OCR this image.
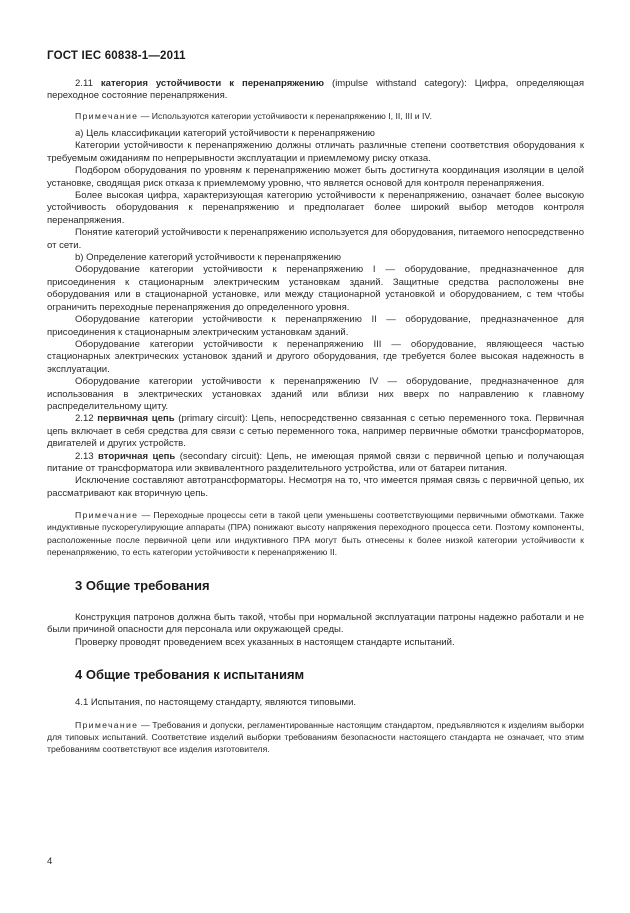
ГОСТ IEC 60838-1—2011

2.11 категория устойчивости к перенапряжению (impulse withstand category): Цифра, определяющая переходное состояние перенапряжения.

Примечание — Используются категории устойчивости к перенапряжению I, II, III и IV.

а) Цель классификации категорий устойчивости к перенапряжению

Категории устойчивости к перенапряжению должны отличать различные степени соответствия оборудования к требуемым ожиданиям по непрерывности эксплуатации и приемлемому риску отказа.

Подбором оборудования по уровням к перенапряжению может быть достигнута координация изоляции в целой установке, сводящая риск отказа к приемлемому уровню, что является основой для контроля перенапряжения.

Более высокая цифра, характеризующая категорию устойчивости к перенапряжению, означает более высокую устойчивость оборудования к перенапряжению и предполагает более широкий выбор методов контроля перенапряжения.

Понятие категорий устойчивости к перенапряжению используется для оборудования, питаемого непосредственно от сети.

b) Определение категорий устойчивости к перенапряжению

Оборудование категории устойчивости к перенапряжению I — оборудование, предназначенное для присоединения к стационарным электрическим установкам зданий. Защитные средства расположены вне оборудования или в стационарной установке, или между стационарной установкой и оборудованием, с тем чтобы ограничить переходные перенапряжения до определенного уровня.

Оборудование категории устойчивости к перенапряжению II — оборудование, предназначенное для присоединения к стационарным электрическим установкам зданий.

Оборудование категории устойчивости к перенапряжению III — оборудование, являющееся частью стационарных электрических установок зданий и другого оборудования, где требуется более высокая надежность в эксплуатации.

Оборудование категории устойчивости к перенапряжению IV — оборудование, предназначенное для использования в электрических установках зданий или вблизи них вверх по направлению к главному распределительному щиту.

2.12 первичная цепь (primary circuit): Цепь, непосредственно связанная с сетью переменного тока. Первичная цепь включает в себя средства для связи с сетью переменного тока, например первичные обмотки трансформаторов, двигателей и других устройств.

2.13 вторичная цепь (secondary circuit): Цепь, не имеющая прямой связи с первичной цепью и получающая питание от трансформатора или эквивалентного разделительного устройства, или от батареи питания.

Исключение составляют автотрансформаторы. Несмотря на то, что имеется прямая связь с первичной цепью, их рассматривают как вторичную цепь.

Примечание — Переходные процессы сети в такой цепи уменьшены соответствующими первичными обмотками. Также индуктивные пускорегулирующие аппараты (ПРА) понижают высоту напряжения переходного процесса сети. Поэтому компоненты, расположенные после первичной цепи или индуктивного ПРА могут быть отнесены к более низкой категории устойчивости к перенапряжению, то есть категории устойчивости к перенапряжению II.

3 Общие требования

Конструкция патронов должна быть такой, чтобы при нормальной эксплуатации патроны надежно работали и не были причиной опасности для персонала или окружающей среды.

Проверку проводят проведением всех указанных в настоящем стандарте испытаний.

4 Общие требования к испытаниям

4.1 Испытания, по настоящему стандарту, являются типовыми.

Примечание — Требования и допуски, регламентированные настоящим стандартом, предъявляются к изделиям выборки для типовых испытаний. Соответствие изделий выборки требованиям безопасности настоящего стандарта не означает, что этим требованиям соответствуют все изделия изготовителя.

4
